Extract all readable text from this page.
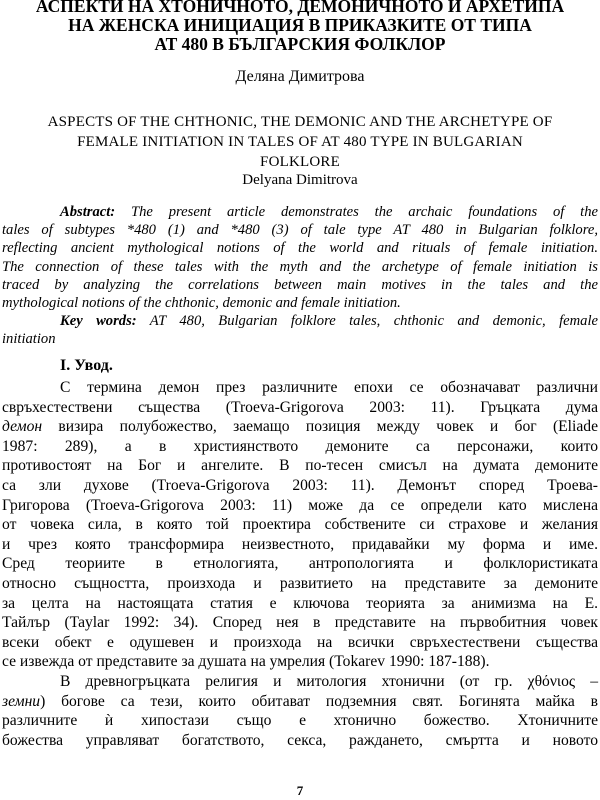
АСПЕКТИ НА ХТОНИЧНОТО, ДЕМОНИЧНОТО И АРХЕТИПА
НА ЖЕНСКА ИНИЦИАЦИЯ В ПРИКАЗКИТЕ ОТ ТИПА
АТ 480 В БЪЛГАРСКИЯ ФОЛКЛОР
Деляна Димитрова
ASPECTS OF THE CHTHONIC, THE DEMONIC AND THE ARCHETYPE OF
FEMALE INITIATION IN TALES OF AT 480 TYPE IN BULGARIAN
FOLKLORE
Delyana Dimitrova
Abstract: The present article demonstrates the archaic foundations of the
tales of subtypes *480 (1) and *480 (3) of tale type AT 480 in Bulgarian folklore,
reflecting ancient mythological notions of the world and rituals of female initiation.
The connection of these tales with the myth and the archetype of female initiation is
traced by analyzing the correlations between main motives in the tales and the
mythological notions of the chthonic, demonic and female initiation.
Key words: AT 480, Bulgarian folklore tales, chthonic and demonic, female
initiation
I. Увод.
С термина демон през различните епохи се обозначават различни
свръхестествени същества (Troeva-Grigorova 2003: 11). Гръцката дума
демон визира полубожество, заемащо позиция между човек и бог (Eliade
1987: 289), а в християнството демоните са персонажи, които
противостоят на Бог и ангелите. В по-тесен смисъл на думата демоните
са зли духове (Troeva-Grigorova 2003: 11). Демонът според Троева-
Григорова (Troeva-Grigorova 2003: 11) може да се определи като мислена
от човека сила, в която той проектира собствените си страхове и желания
и чрез която трансформира неизвестното, придавайки му форма и име.
Сред теориите в етнологията, антропологията и фолклористиката
относно същността, произхода и развитието на представите за демоните
за целта на настоящата статия е ключова теорията за анимизма на Е.
Тайлър (Taylar 1992: 34). Според нея в представите на първобитния човек
всеки обект е одушевен и произхода на всички свръхестествени същества
се извежда от представите за душата на умрелия (Tokarev 1990: 187-188).
В древногръцката религия и митология хтонични (от гр. χθόνιος –
земни) богове са тези, които обитават подземния свят. Богинята майка в
различните ѝ хипостази също е хтонично божество. Хтоничните
божества управляват богатството, секса, раждането, смъртта и новото
7
